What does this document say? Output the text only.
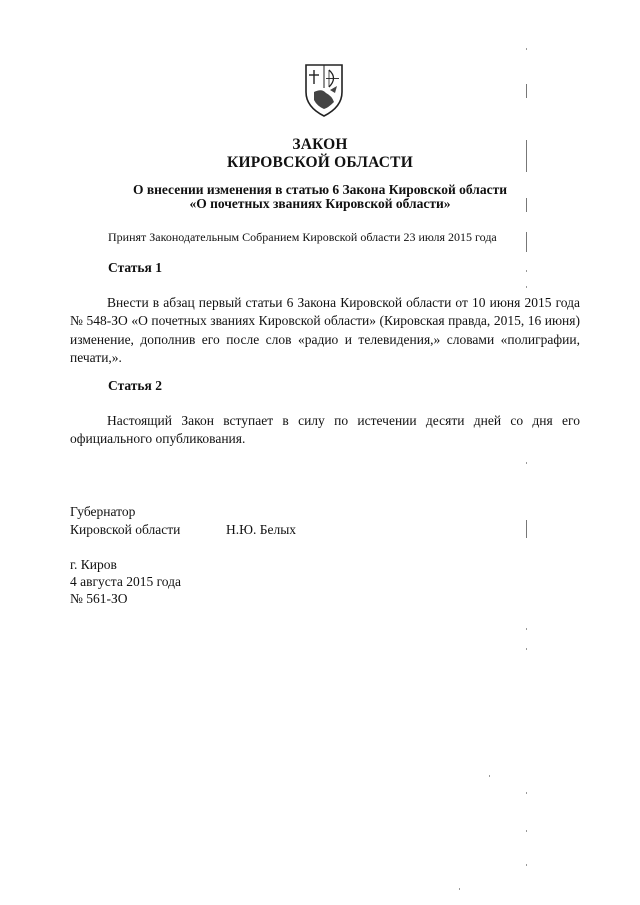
ЗАКОН
КИРОВСКОЙ ОБЛАСТИ
О внесении изменения в статью 6 Закона Кировской области
«О почетных званиях Кировской области»
Принят Законодательным Собранием Кировской области 23 июля 2015 года
Статья 1
Внести в абзац первый статьи 6 Закона Кировской области от 10 июня 2015 года № 548-ЗО «О почетных званиях Кировской области» (Кировская правда, 2015, 16 июня) изменение, дополнив его после слов «радио и телевидения,» словами «полиграфии, печати,».
Статья 2
Настоящий Закон вступает в силу по истечении десяти дней со дня его официального опубликования.
Губернатор
Кировской области	Н.Ю. Белых
г. Киров
4 августа 2015 года
№ 561-ЗО
